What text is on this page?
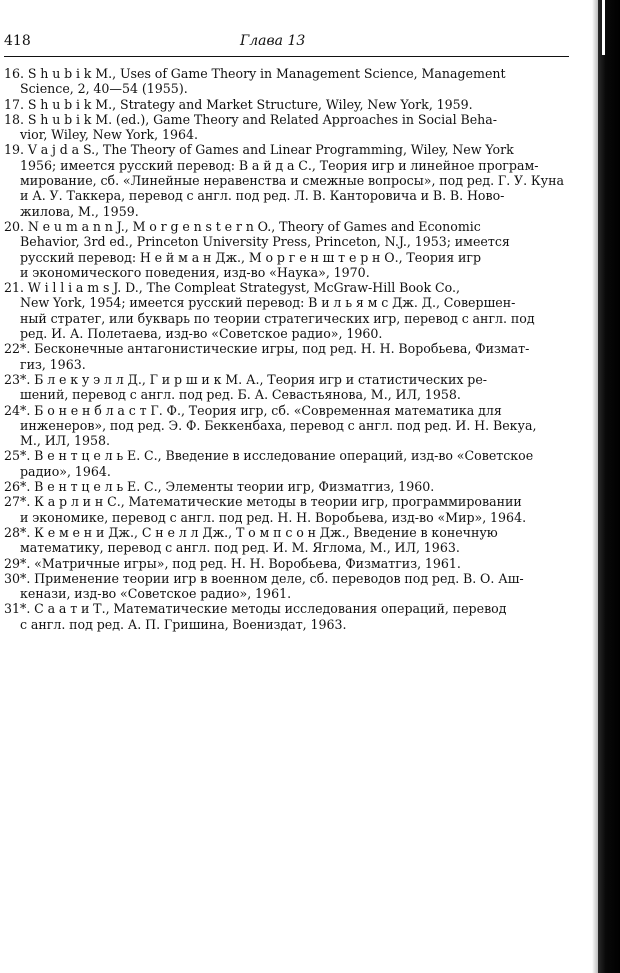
418	Глава 13
16. S h u b i k M., Uses of Game Theory in Management Science, Management
Science, 2, 40—54 (1955).
17. S h u b i k M., Strategy and Market Structure, Wiley, New York, 1959.
18. S h u b i k M. (ed.), Game Theory and Related Approaches in Social Beha-
vior, Wiley, New York, 1964.
19. V a j d a S., The Theory of Games and Linear Programming, Wiley, New York
1956; имеется русский перевод: В а й д а С., Теория игр и линейное програм-
мирование, сб. «Линейные неравенства и смежные вопросы», под ред. Г. У. Куна
и А. У. Таккера, перевод с англ. под ред. Л. В. Канторовича и В. В. Ново-
жилова, М., 1959.
20. N e u m a n n J., M o r g e n s t e r n O., Theory of Games and Economic
Behavior, 3rd ed., Princeton University Press, Princeton, N.J., 1953; имеется
русский перевод: Н е й м а н Дж., М о р г е н ш т е р н О., Теория игр
и экономического поведения, изд-во «Наука», 1970.
21. W i l l i a m s J. D., The Compleat Strategyst, McGraw-Hill Book Co.,
New York, 1954; имеется русский перевод: В и л ь я м с Дж. Д., Совершен-
ный стратег, или букварь по теории стратегических игр, перевод с англ. под
ред. И. А. Полетаева, изд-во «Советское радио», 1960.
22*. Бесконечные антагонистические игры, под ред. Н. Н. Воробьева, Физмат-
гиз, 1963.
23*. Б л е к у э л л Д., Г и р ш и к М. А., Теория игр и статистических ре-
шений, перевод с англ. под ред. Б. А. Севастьянова, М., ИЛ, 1958.
24*. Б о н е н б л а с т Г. Ф., Теория игр, сб. «Современная математика для
инженеров», под ред. Э. Ф. Беккенбаха, перевод с англ. под ред. И. Н. Векуа,
М., ИЛ, 1958.
25*. В е н т ц е л ь Е. С., Введение в исследование операций, изд-во «Советское
радио», 1964.
26*. В е н т ц е л ь Е. С., Элементы теории игр, Физматгиз, 1960.
27*. К а р л и н С., Математические методы в теории игр, программировании
и экономике, перевод с англ. под ред. Н. Н. Воробьева, изд-во «Мир», 1964.
28*. К е м е н и Дж., С н е л л Дж., Т о м п с о н Дж., Введение в конечную
математику, перевод с англ. под ред. И. М. Яглома, М., ИЛ, 1963.
29*. «Матричные игры», под ред. Н. Н. Воробьева, Физматгиз, 1961.
30*. Применение теории игр в военном деле, сб. переводов под ред. В. О. Аш-
кенази, изд-во «Советское радио», 1961.
31*. С а а т и Т., Математические методы исследования операций, перевод
с англ. под ред. А. П. Гришина, Воениздат, 1963.
